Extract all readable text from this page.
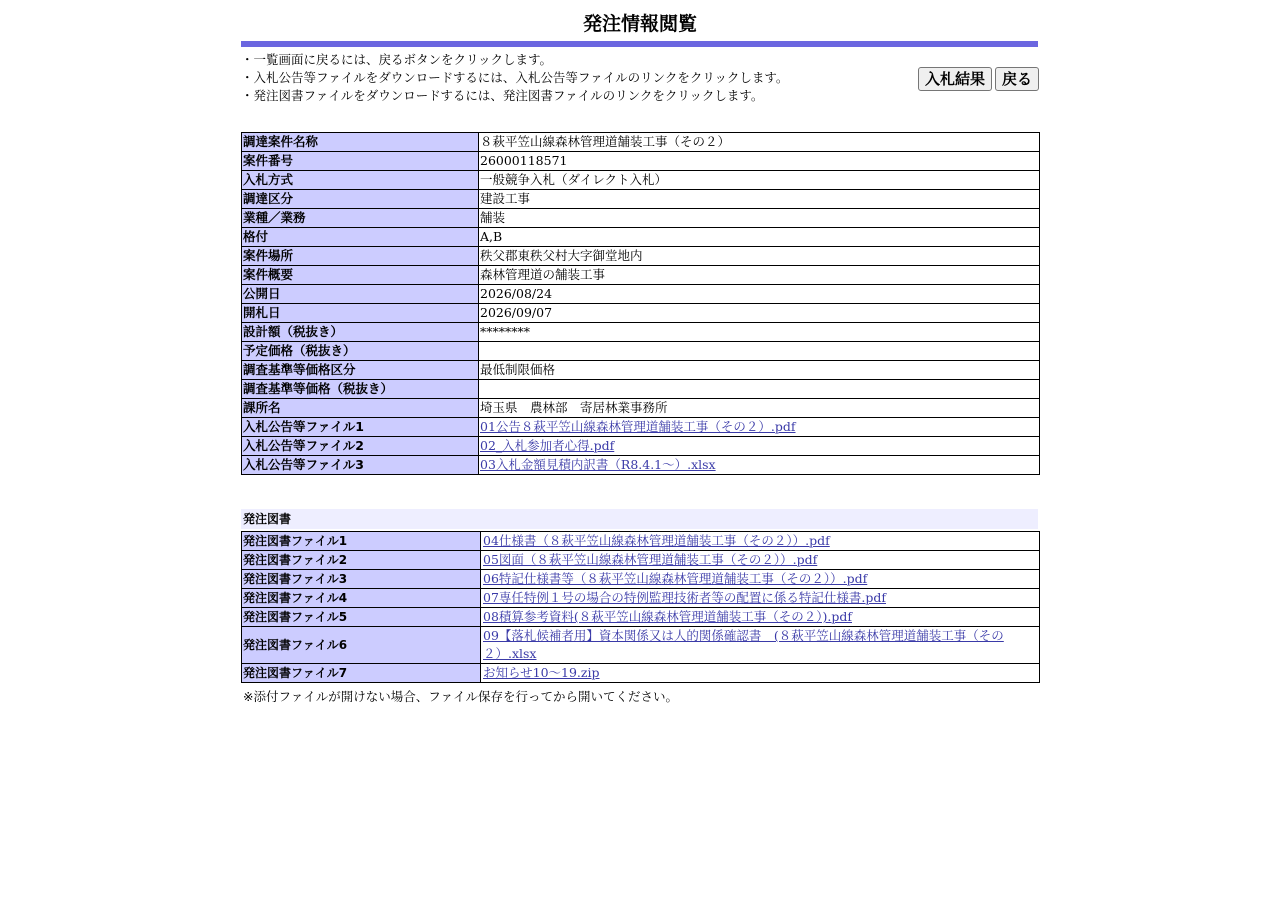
発注情報閲覧
・一覧画面に戻るには、戻るボタンをクリックします。
・入札公告等ファイルをダウンロードするには、入札公告等ファイルのリンクをクリックします。
・発注図書ファイルをダウンロードするには、発注図書ファイルのリンクをクリックします。
入札結果	戻る
調達案件名称	８萩平笠山線森林管理道舗装工事（その２）
案件番号	26000118571
入札方式	一般競争入札（ダイレクト入札）
調達区分	建設工事
業種／業務	舗装
格付	A,B
案件場所	秩父郡東秩父村大字御堂地内
案件概要	森林管理道の舗装工事
公開日	2026/08/24
開札日	2026/09/07
設計額（税抜き）	********
予定価格（税抜き）	
調査基準等価格区分	最低制限価格
調査基準等価格（税抜き）	
課所名	埼玉県　農林部　寄居林業事務所
入札公告等ファイル1	01公告８萩平笠山線森林管理道舗装工事（その２）.pdf
入札公告等ファイル2	02_入札参加者心得.pdf
入札公告等ファイル3	03入札金額見積内訳書（R8.4.1～）.xlsx
発注図書
発注図書ファイル1	04仕様書（８萩平笠山線森林管理道舗装工事（その２））.pdf
発注図書ファイル2	05図面（８萩平笠山線森林管理道舗装工事（その２））.pdf
発注図書ファイル3	06特記仕様書等（８萩平笠山線森林管理道舗装工事（その２））.pdf
発注図書ファイル4	07専任特例１号の場合の特例監理技術者等の配置に係る特記仕様書.pdf
発注図書ファイル5	08積算参考資料(８萩平笠山線森林管理道舗装工事（その２）).pdf
発注図書ファイル6	09【落札候補者用】資本関係又は人的関係確認書　(８萩平笠山線森林管理道舗装工事（その２）.xlsx
発注図書ファイル7	お知らせ10～19.zip
※添付ファイルが開けない場合、ファイル保存を行ってから開いてください。
